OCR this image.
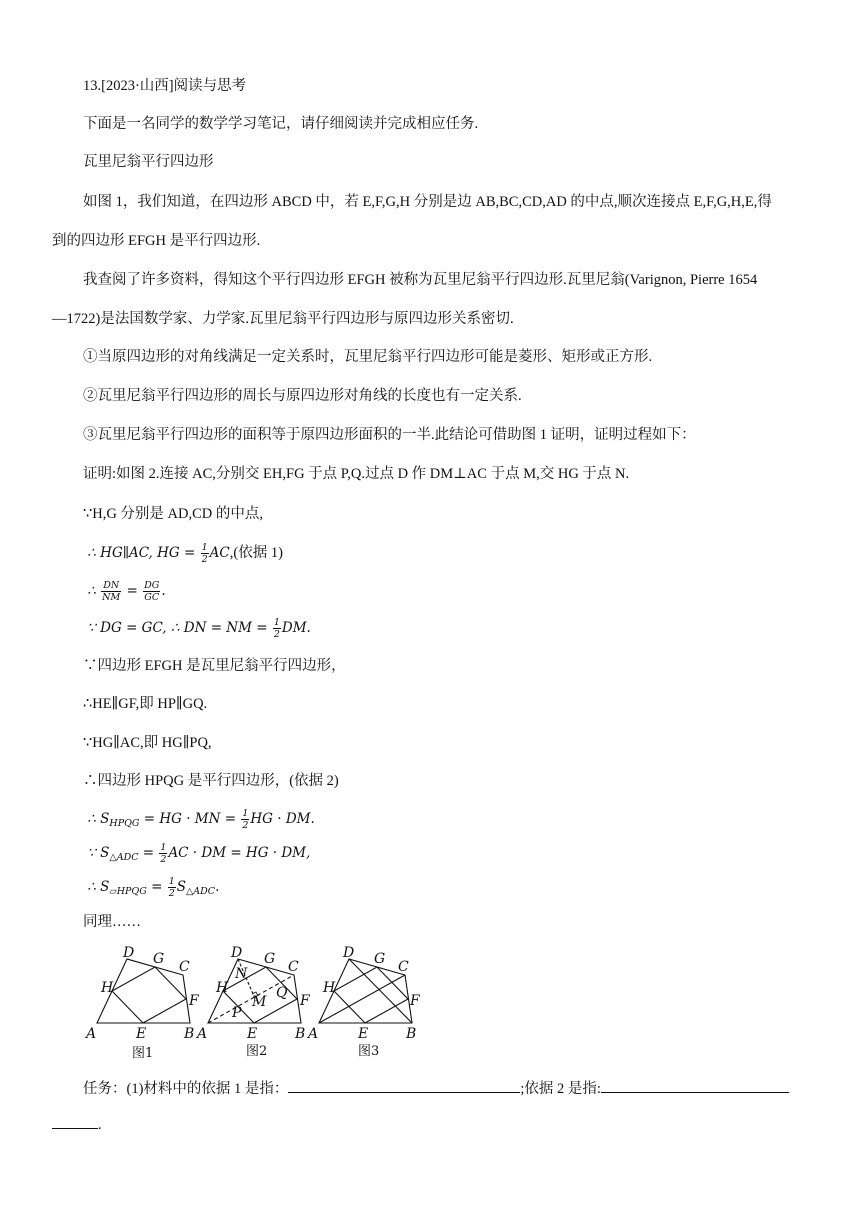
13.[2023·山西]阅读与思考
下面是一名同学的数学学习笔记，请仔细阅读并完成相应任务.
瓦里尼翁平行四边形
如图 1，我们知道，在四边形 ABCD 中，若 E,F,G,H 分别是边 AB,BC,CD,AD 的中点,顺次连接点 E,F,G,H,E,得
到的四边形 EFGH 是平行四边形.
我查阅了许多资料，得知这个平行四边形 EFGH 被称为瓦里尼翁平行四边形.瓦里尼翁(Varignon, Pierre 1654
—1722)是法国数学家、力学家.瓦里尼翁平行四边形与原四边形关系密切.
①当原四边形的对角线满足一定关系时，瓦里尼翁平行四边形可能是菱形、矩形或正方形.
②瓦里尼翁平行四边形的周长与原四边形对角线的长度也有一定关系.
③瓦里尼翁平行四边形的面积等于原四边形面积的一半.此结论可借助图 1 证明，证明过程如下：
证明:如图 2.连接 AC,分别交 EH,FG 于点 P,Q.过点 D 作 DM⊥AC 于点 M,交 HG 于点 N.
∵H,G 分别是 AD,CD 的中点,
∴ HG∥AC, HG = $\frac{1}{2} AC$,(依据 1)
∴ $\frac{DN}{NM} = \frac{DG}{GC}$ .
∵ DG = GC, ∴ DN = NM = $\frac{1}{2}$ DM.
∵四边形 EFGH 是瓦里尼翁平行四边形，
∴HE∥GF,即 HP∥GQ.
∵HG∥AC,即 HG∥PQ,
∴四边形 HPQG 是平行四边形，(依据 2)
∴ $S_{HPQG}$ = HG · MN = $\frac{1}{2}$ HG · DM.
∵ $S_{\triangle ADC} = \frac{1}{2}$ AC · DM = HG · DM,
∴ $S_{▱HPQG} = \frac{1}{2} S_{\triangle ADC}$.
同理……
A	B
C
D
E
F
G
H
A	B
C
D
E
F
G
H
M
N
P
Q
A	B
C
D
E
F
G
H
图1	图2	图3
任务：(1)材料中的依据 1 是指：	;依据 2 是指:
.
